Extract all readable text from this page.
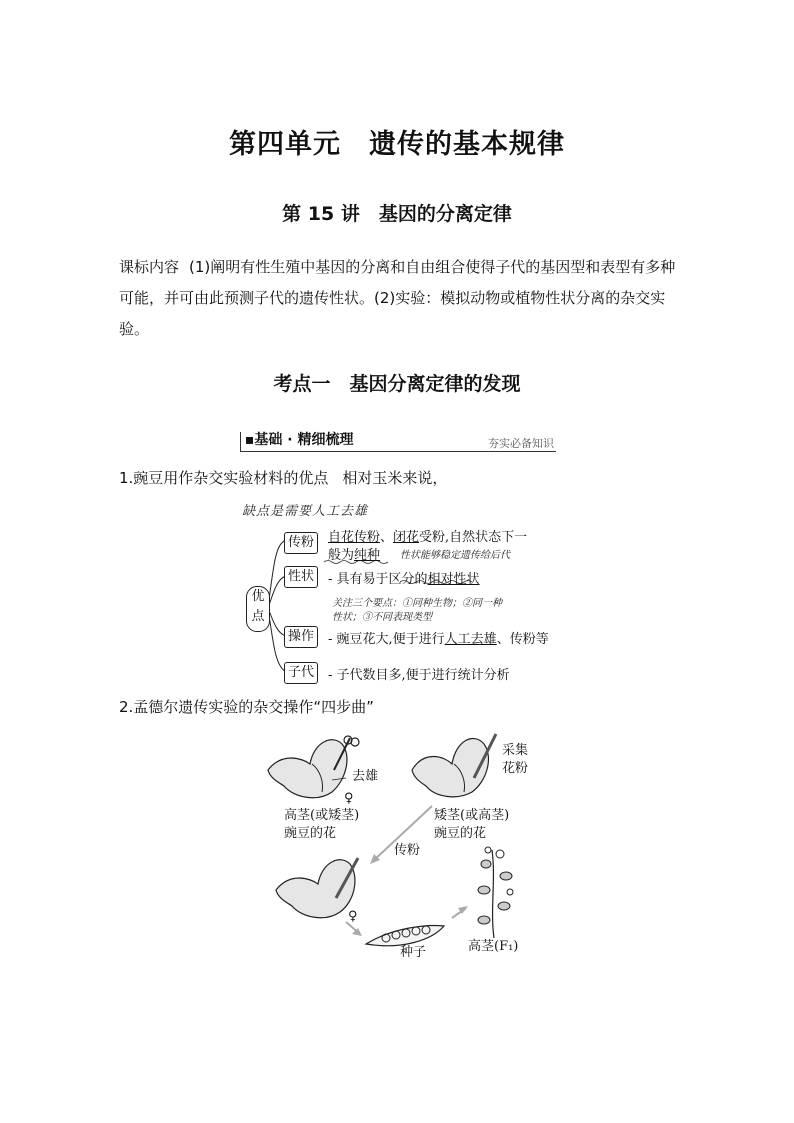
第四单元　遗传的基本规律
第 15 讲　基因的分离定律
课标内容 (1)阐明有性生殖中基因的分离和自由组合使得子代的基因型和表型有多种可能，并可由此预测子代的遗传性状。(2)实验：模拟动物或植物性状分离的杂交实验。
考点一　基因分离定律的发现
▪基础 · 精细梳理	夯实必备知识
1.豌豆用作杂交实验材料的优点 相对玉米来说，
缺点是需要人工去雄
优点
传粉	自花传粉、闭花受粉,自然状态下一
般为纯种 性状能够稳定遗传给后代
性状	- 具有易于区分的相对性状
关注三个要点：①同种生物；②同一种
性状；③不同表现类型
操作	- 豌豆花大,便于进行人工去雄、传粉等
子代	- 子代数目多,便于进行统计分析
2.孟德尔遗传实验的杂交操作“四步曲”
去雄
♀
高茎(或矮茎)
豌豆的花
采集
花粉
矮茎(或高茎)
豌豆的花
传粉
♀
种子	高茎(F₁)
